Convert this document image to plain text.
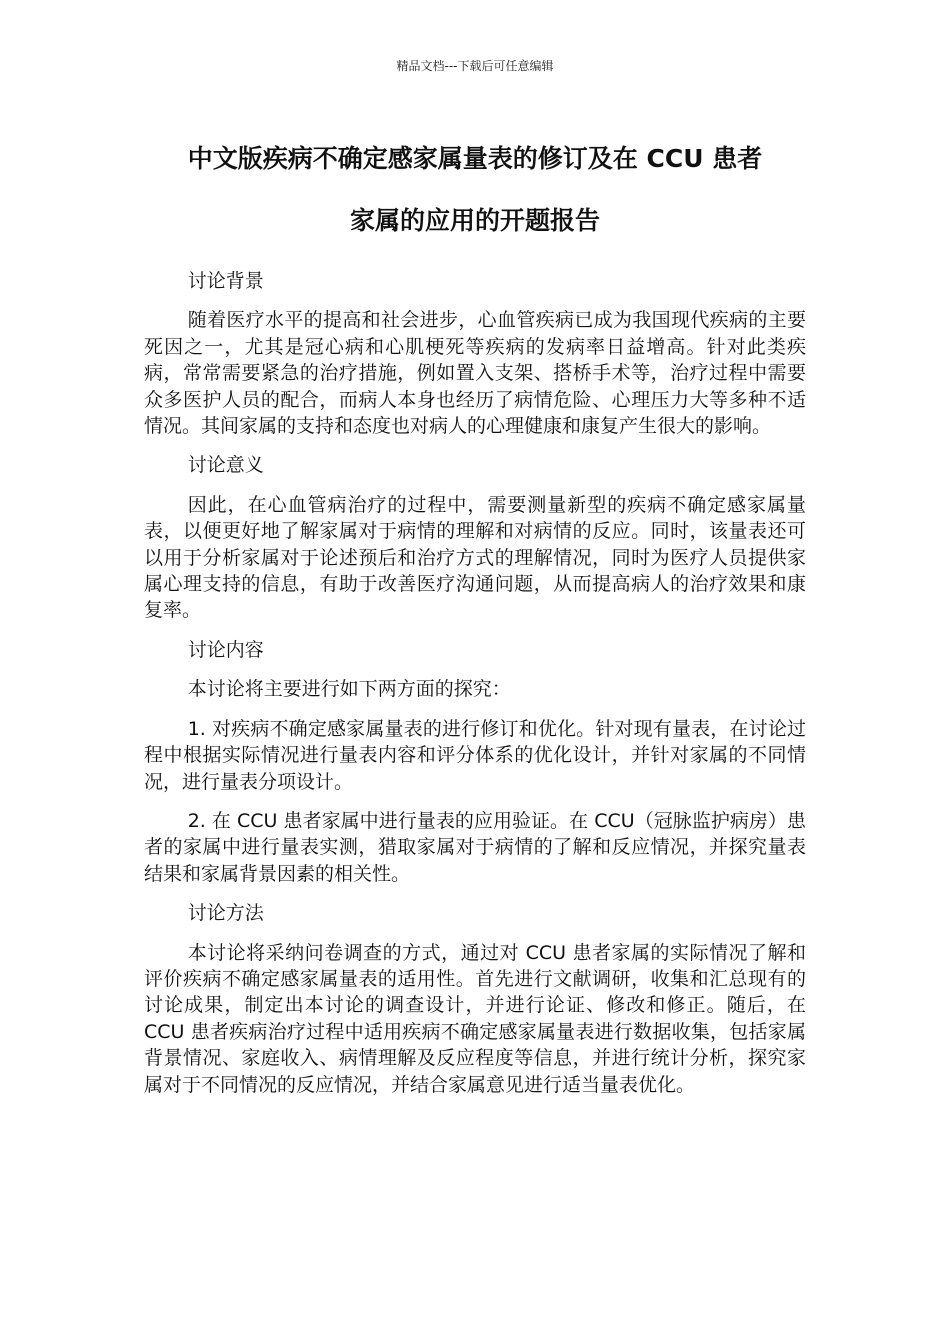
精品文档---下载后可任意编辑
中文版疾病不确定感家属量表的修订及在 CCU 患者
家属的应用的开题报告

讨论背景

随着医疗水平的提高和社会进步，心血管疾病已成为我国现代疾病的主要死因之一，尤其是冠心病和心肌梗死等疾病的发病率日益增高。针对此类疾病，常常需要紧急的治疗措施，例如置入支架、搭桥手术等，治疗过程中需要众多医护人员的配合，而病人本身也经历了病情危险、心理压力大等多种不适情况。其间家属的支持和态度也对病人的心理健康和康复产生很大的影响。

讨论意义

因此，在心血管病治疗的过程中，需要测量新型的疾病不确定感家属量表，以便更好地了解家属对于病情的理解和对病情的反应。同时，该量表还可以用于分析家属对于论述预后和治疗方式的理解情况，同时为医疗人员提供家属心理支持的信息，有助于改善医疗沟通问题，从而提高病人的治疗效果和康复率。

讨论内容

本讨论将主要进行如下两方面的探究：

1. 对疾病不确定感家属量表的进行修订和优化。针对现有量表，在讨论过程中根据实际情况进行量表内容和评分体系的优化设计，并针对家属的不同情况，进行量表分项设计。

2. 在 CCU 患者家属中进行量表的应用验证。在 CCU（冠脉监护病房）患者的家属中进行量表实测，猎取家属对于病情的了解和反应情况，并探究量表结果和家属背景因素的相关性。

讨论方法

本讨论将采纳问卷调查的方式，通过对 CCU 患者家属的实际情况了解和评价疾病不确定感家属量表的适用性。首先进行文献调研，收集和汇总现有的讨论成果，制定出本讨论的调查设计，并进行论证、修改和修正。随后，在 CCU 患者疾病治疗过程中适用疾病不确定感家属量表进行数据收集，包括家属背景情况、家庭收入、病情理解及反应程度等信息，并进行统计分析，探究家属对于不同情况的反应情况，并结合家属意见进行适当量表优化。
